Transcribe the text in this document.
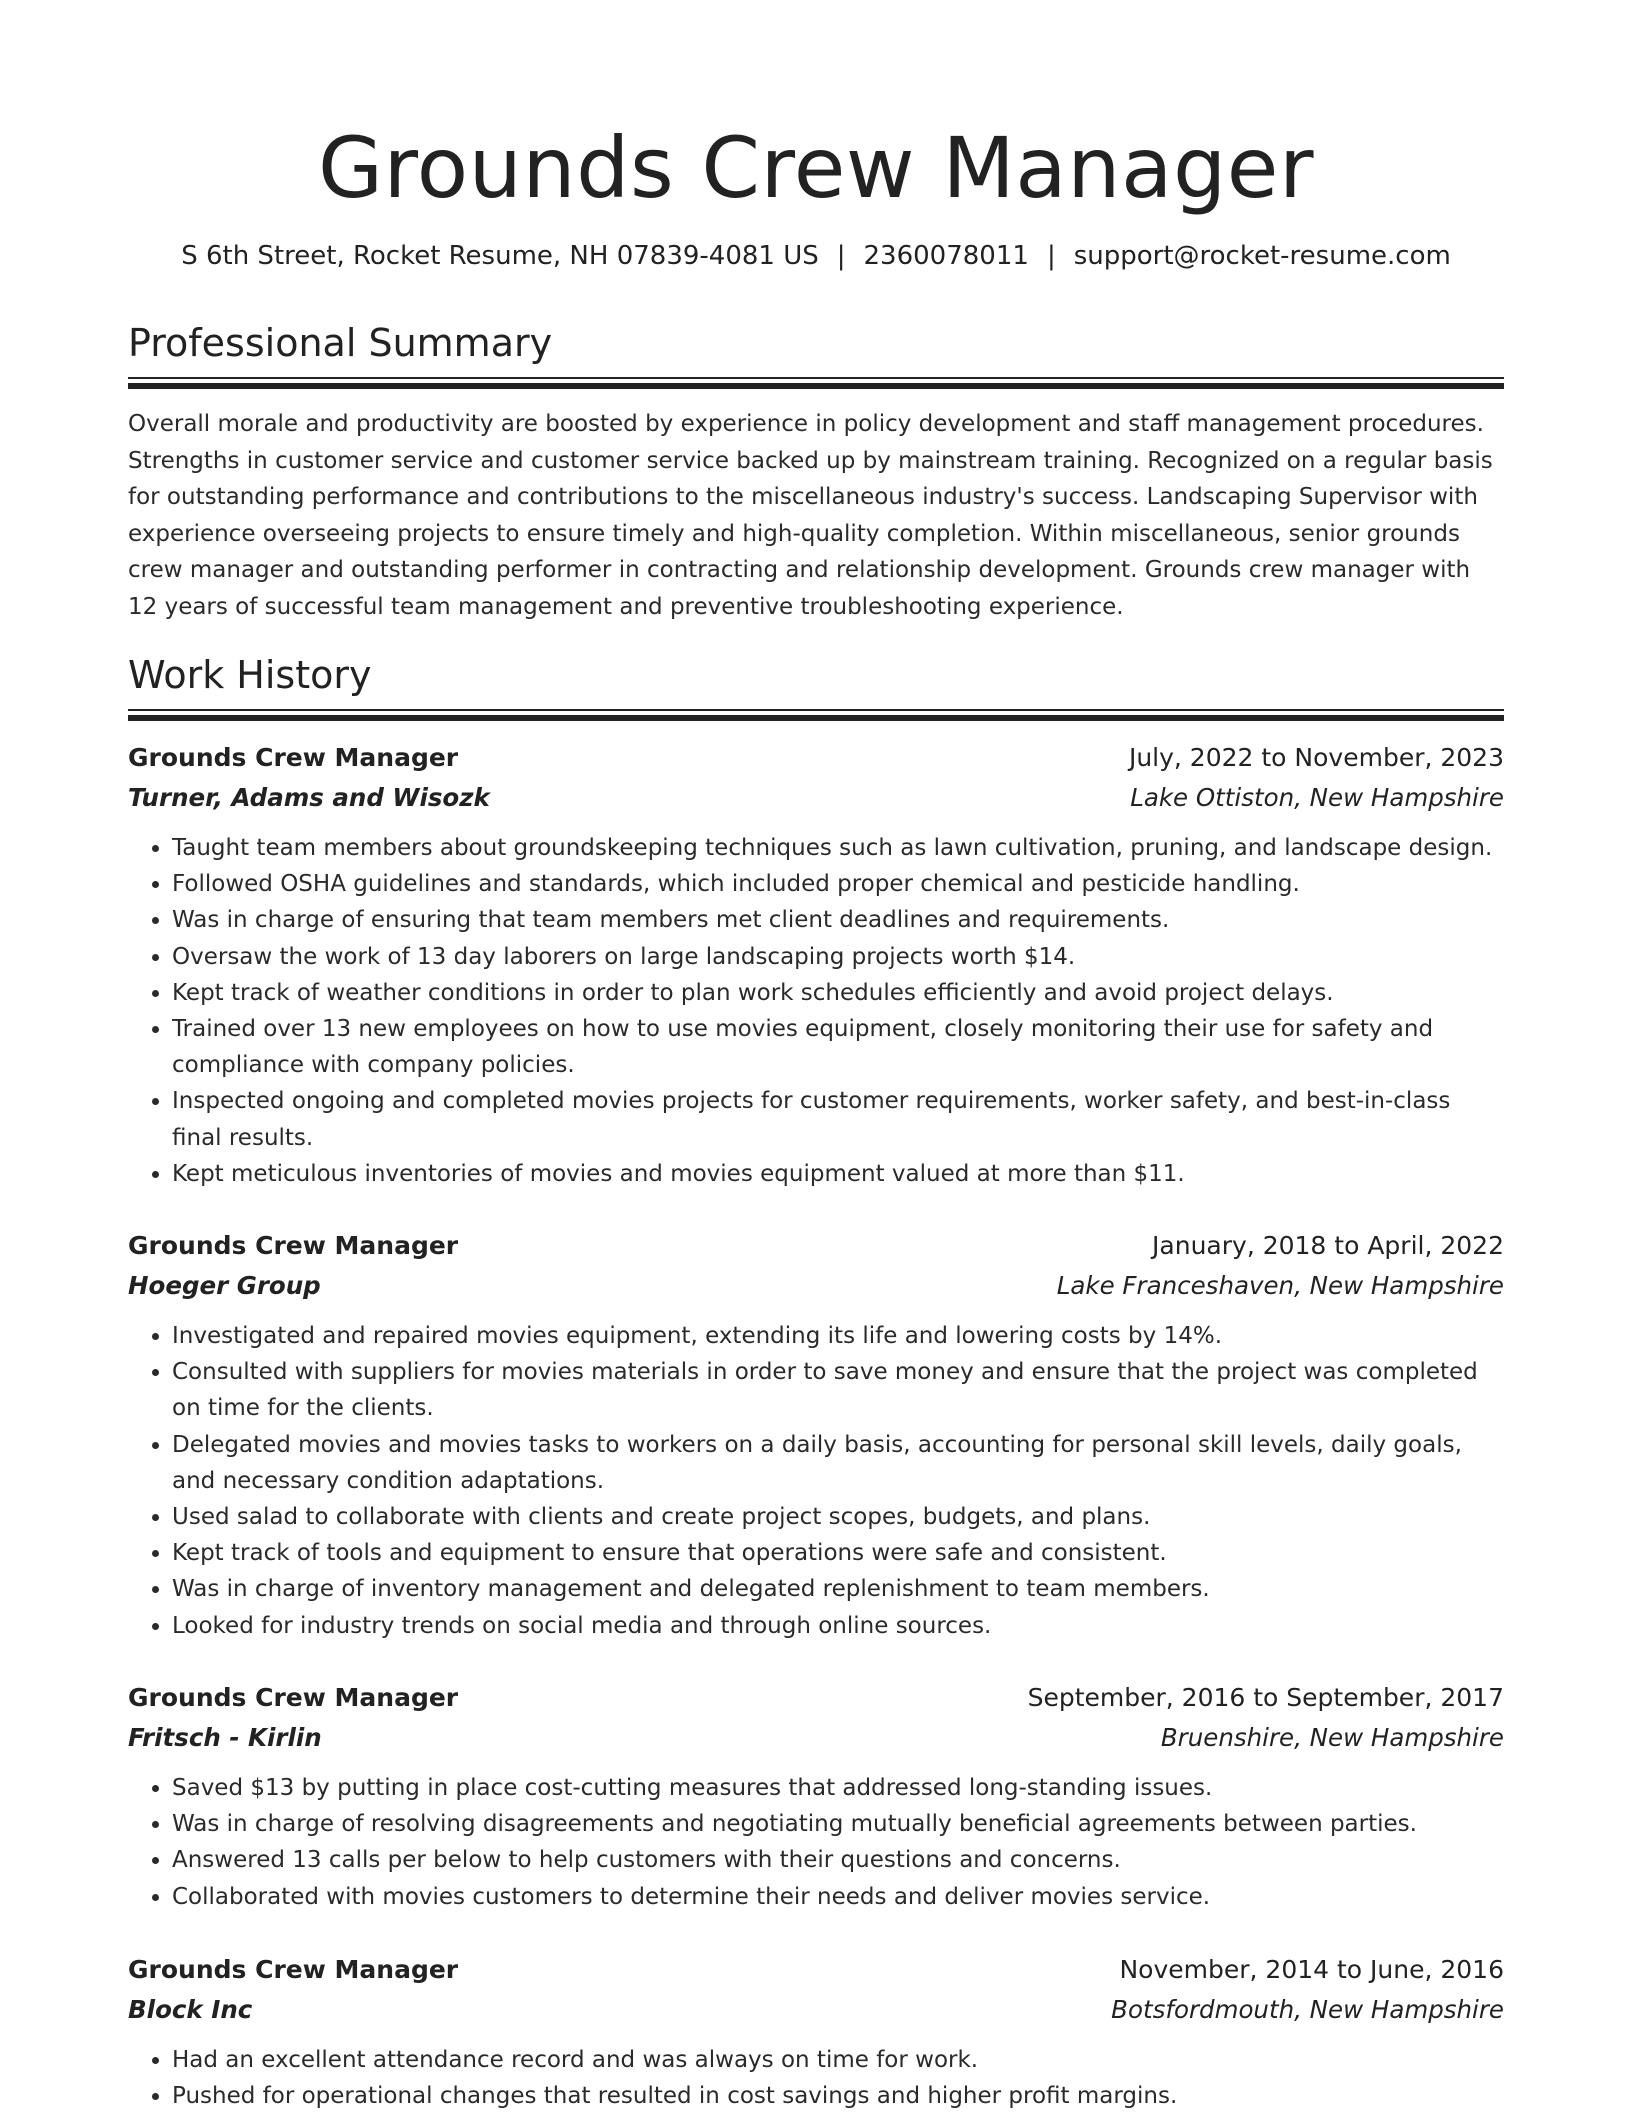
Grounds Crew Manager
S 6th Street, Rocket Resume, NH 07839-4081 US | 2360078011 | support@rocket-resume.com
Professional Summary
Overall morale and productivity are boosted by experience in policy development and staff management procedures. Strengths in customer service and customer service backed up by mainstream training. Recognized on a regular basis for outstanding performance and contributions to the miscellaneous industry's success. Landscaping Supervisor with experience overseeing projects to ensure timely and high-quality completion. Within miscellaneous, senior grounds crew manager and outstanding performer in contracting and relationship development. Grounds crew manager with 12 years of successful team management and preventive troubleshooting experience.
Work History
Grounds Crew Manager	July, 2022 to November, 2023
Turner, Adams and Wisozk	Lake Ottiston, New Hampshire
• Taught team members about groundskeeping techniques such as lawn cultivation, pruning, and landscape design.
• Followed OSHA guidelines and standards, which included proper chemical and pesticide handling.
• Was in charge of ensuring that team members met client deadlines and requirements.
• Oversaw the work of 13 day laborers on large landscaping projects worth $14.
• Kept track of weather conditions in order to plan work schedules efficiently and avoid project delays.
• Trained over 13 new employees on how to use movies equipment, closely monitoring their use for safety and compliance with company policies.
• Inspected ongoing and completed movies projects for customer requirements, worker safety, and best-in-class final results.
• Kept meticulous inventories of movies and movies equipment valued at more than $11.
Grounds Crew Manager	January, 2018 to April, 2022
Hoeger Group	Lake Franceshaven, New Hampshire
• Investigated and repaired movies equipment, extending its life and lowering costs by 14%.
• Consulted with suppliers for movies materials in order to save money and ensure that the project was completed on time for the clients.
• Delegated movies and movies tasks to workers on a daily basis, accounting for personal skill levels, daily goals, and necessary condition adaptations.
• Used salad to collaborate with clients and create project scopes, budgets, and plans.
• Kept track of tools and equipment to ensure that operations were safe and consistent.
• Was in charge of inventory management and delegated replenishment to team members.
• Looked for industry trends on social media and through online sources.
Grounds Crew Manager	September, 2016 to September, 2017
Fritsch - Kirlin	Bruenshire, New Hampshire
• Saved $13 by putting in place cost-cutting measures that addressed long-standing issues.
• Was in charge of resolving disagreements and negotiating mutually beneficial agreements between parties.
• Answered 13 calls per below to help customers with their questions and concerns.
• Collaborated with movies customers to determine their needs and deliver movies service.
Grounds Crew Manager	November, 2014 to June, 2016
Block Inc	Botsfordmouth, New Hampshire
• Had an excellent attendance record and was always on time for work.
• Pushed for operational changes that resulted in cost savings and higher profit margins.
